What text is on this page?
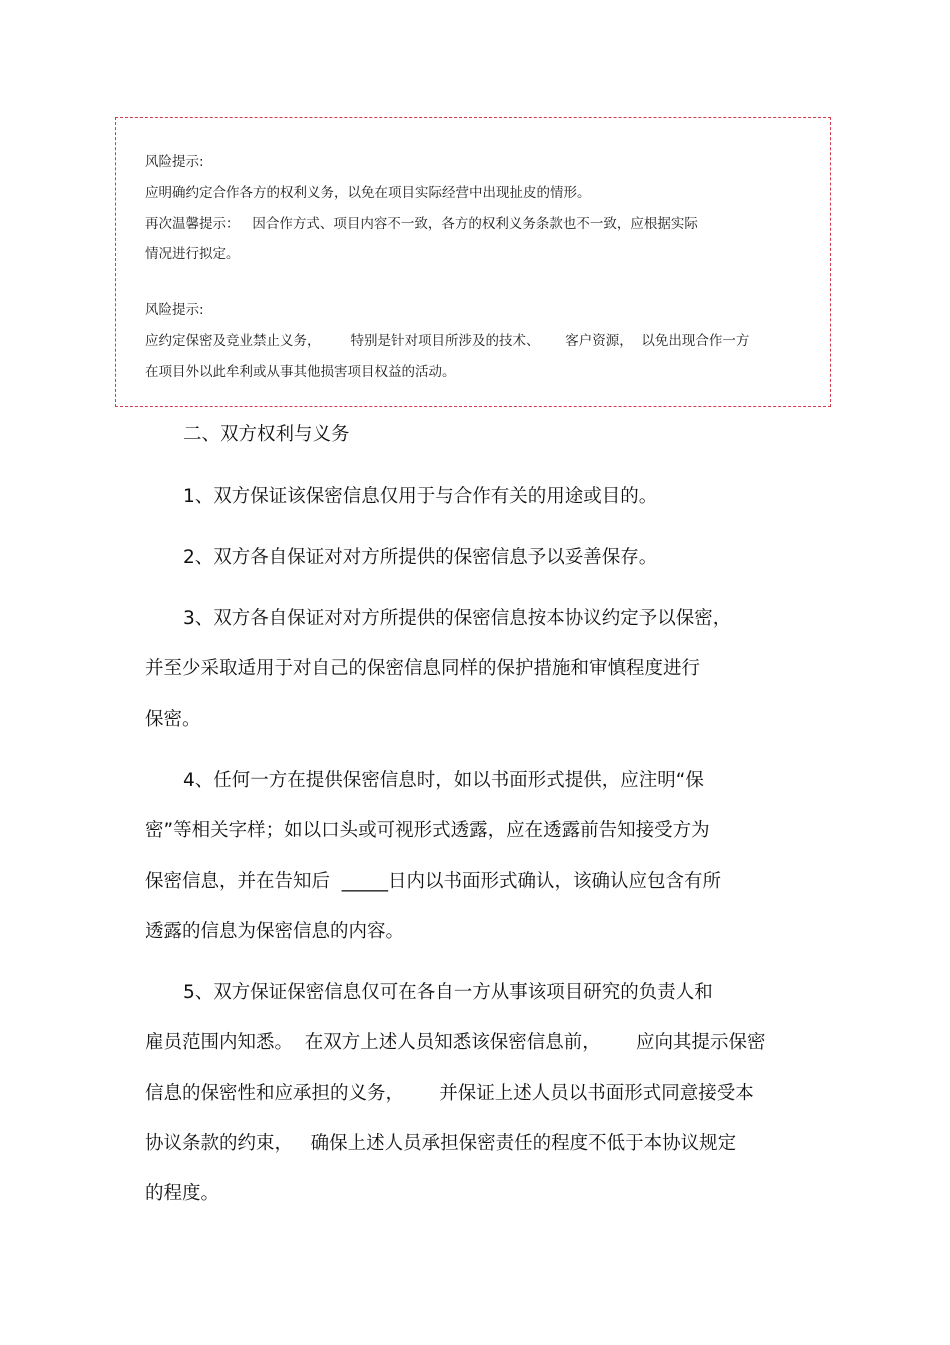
风险提示:
应明确约定合作各方的权利义务，以免在项目实际经营中出现扯皮的情形。
再次温馨提示：   因合作方式、项目内容不一致，各方的权利义务条款也不一致，应根据实际
情况进行拟定。
风险提示:
应约定保密及竞业禁止义务，       特别是针对项目所涉及的技术、      客户资源，  以免出现合作一方
在项目外以此牟利或从事其他损害项目权益的活动。
二、双方权利与义务
1、双方保证该保密信息仅用于与合作有关的用途或目的。
2、双方各自保证对对方所提供的保密信息予以妥善保存。
3、双方各自保证对对方所提供的保密信息按本协议约定予以保密，
并至少采取适用于对自己的保密信息同样的保护措施和审慎程度进行
保密。
4、任何一方在提供保密信息时，如以书面形式提供，应注明“保
密”等相关字样；如以口头或可视形式透露，应在透露前告知接受方为
保密信息，并在告知后  _____日内以书面形式确认，该确认应包含有所
透露的信息为保密信息的内容。
5、双方保证保密信息仅可在各自一方从事该项目研究的负责人和
雇员范围内知悉。  在双方上述人员知悉该保密信息前，      应向其提示保密
信息的保密性和应承担的义务，      并保证上述人员以书面形式同意接受本
协议条款的约束，   确保上述人员承担保密责任的程度不低于本协议规定
的程度。
